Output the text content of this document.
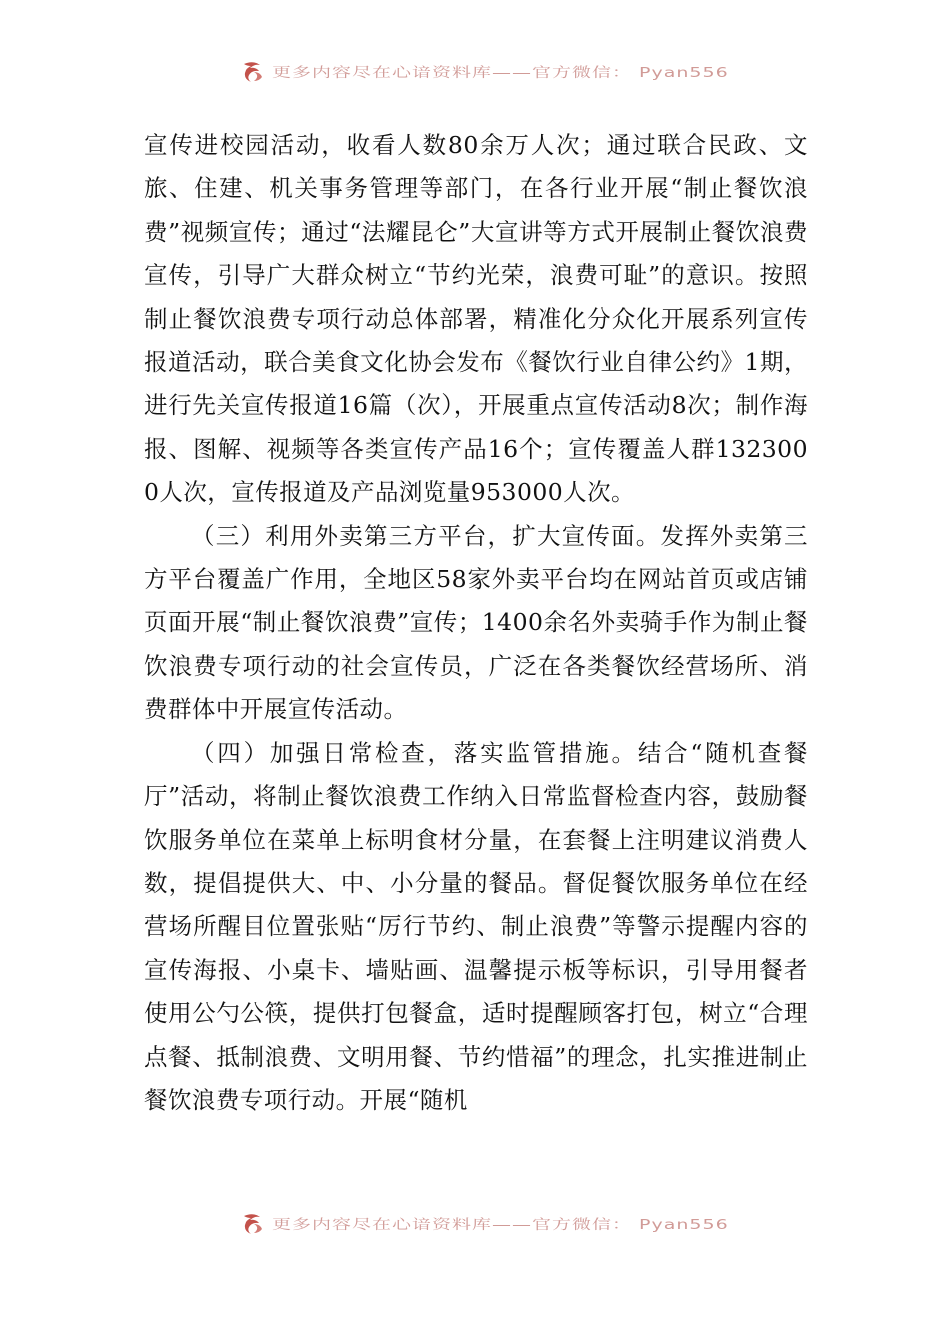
更多内容尽在心谙资料库——官方微信： Pyan556

宣传进校园活动，收看人数80余万人次；通过联合民政、文旅、住建、机关事务管理等部门，在各行业开展“制止餐饮浪费”视频宣传；通过“法耀昆仑”大宣讲等方式开展制止餐饮浪费宣传，引导广大群众树立“节约光荣，浪费可耻”的意识。按照制止餐饮浪费专项行动总体部署，精准化分众化开展系列宣传报道活动，联合美食文化协会发布《餐饮行业自律公约》1期，进行先关宣传报道16篇（次），开展重点宣传活动8次；制作海报、图解、视频等各类宣传产品16个；宣传覆盖人群1323000人次，宣传报道及产品浏览量953000人次。

（三）利用外卖第三方平台，扩大宣传面。发挥外卖第三方平台覆盖广作用，全地区58家外卖平台均在网站首页或店铺页面开展“制止餐饮浪费”宣传；1400余名外卖骑手作为制止餐饮浪费专项行动的社会宣传员，广泛在各类餐饮经营场所、消费群体中开展宣传活动。

（四）加强日常检查，落实监管措施。结合“随机查餐厅”活动，将制止餐饮浪费工作纳入日常监督检查内容，鼓励餐饮服务单位在菜单上标明食材分量，在套餐上注明建议消费人数，提倡提供大、中、小分量的餐品。督促餐饮服务单位在经营场所醒目位置张贴“厉行节约、制止浪费”等警示提醒内容的宣传海报、小桌卡、墙贴画、温馨提示板等标识，引导用餐者使用公勺公筷，提供打包餐盒，适时提醒顾客打包，树立“合理点餐、抵制浪费、文明用餐、节约惜福”的理念，扎实推进制止餐饮浪费专项行动。开展“随机

更多内容尽在心谙资料库——官方微信： Pyan556
